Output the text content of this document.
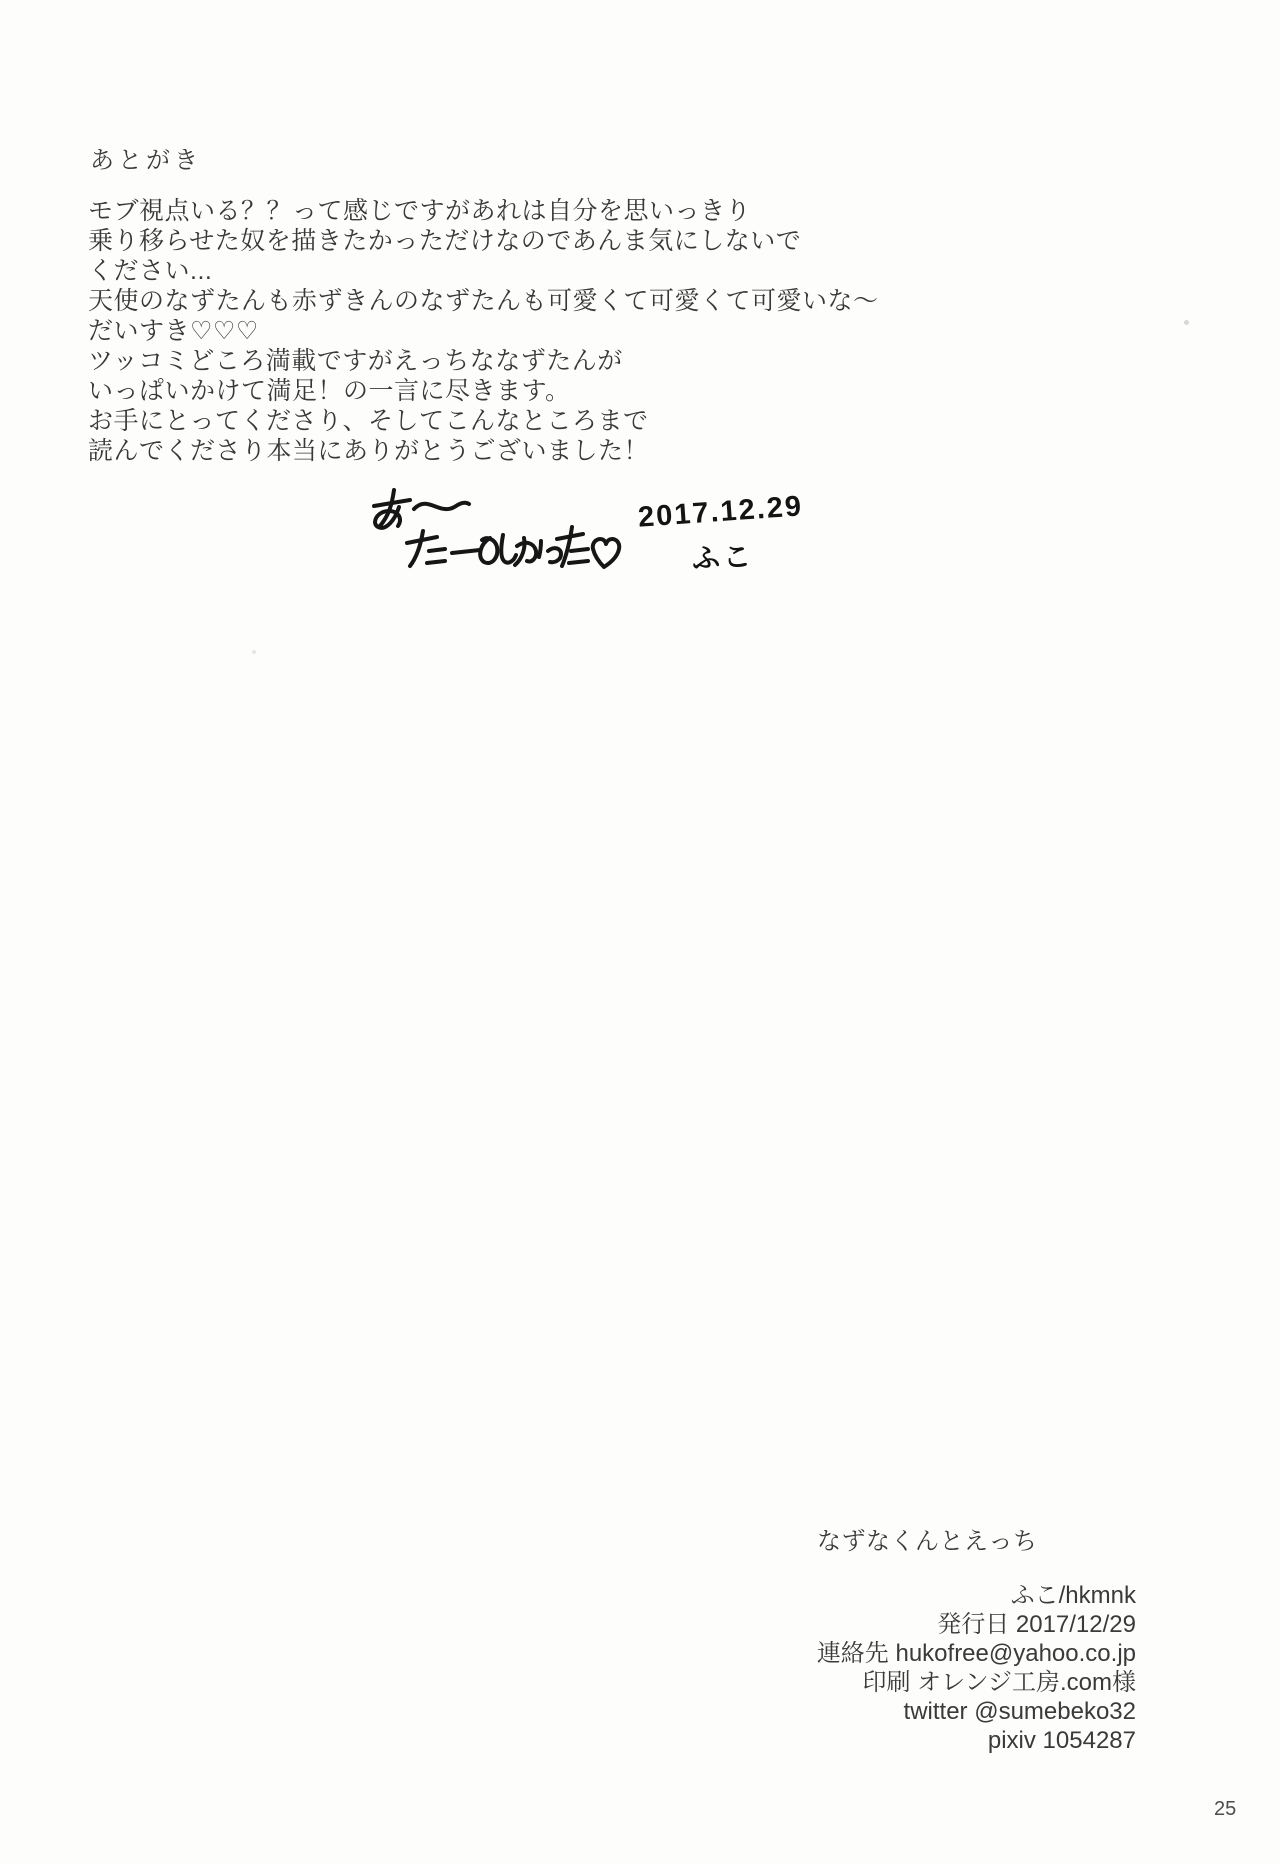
あとがき
モブ視点いる？？って感じですがあれは自分を思いっきり
乗り移らせた奴を描きたかっただけなのであんま気にしないで
ください...
天使のなずたんも赤ずきんのなずたんも可愛くて可愛くて可愛いな～
だいすき♡♡♡
ツッコミどころ満載ですがえっちななずたんが
いっぱいかけて満足！の一言に尽きます。
お手にとってくださり、そしてこんなところまで
読んでくださり本当にありがとうございました！
2017.12.29
ふこ
なずなくんとえっち
ふこ/hkmnk
発行日 2017/12/29
連絡先 hukofree@yahoo.co.jp
印刷 オレンジ工房.com様
twitter @sumebeko32
pixiv 1054287
25
